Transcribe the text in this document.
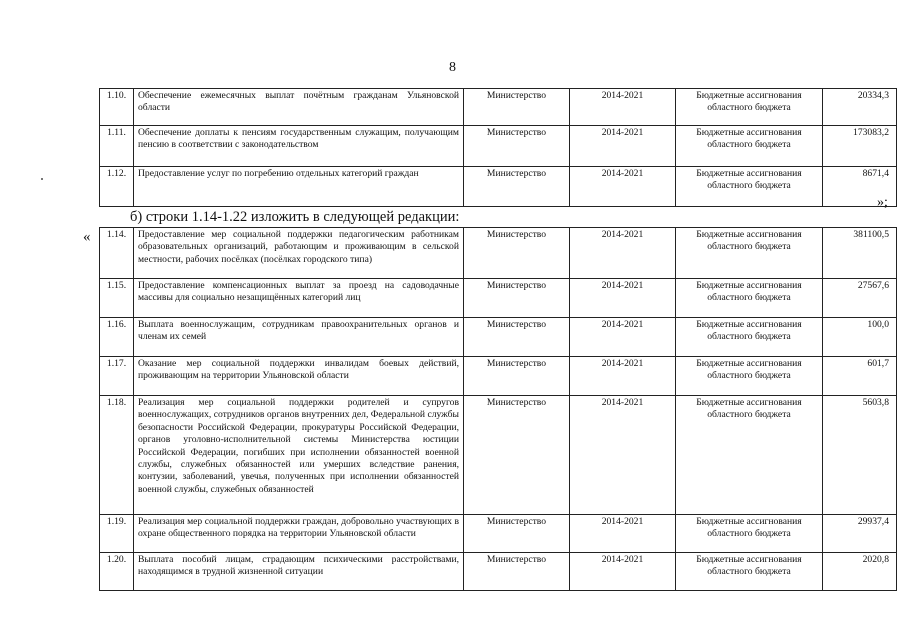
8
1.10.	Обеспечение ежемесячных выплат почётным гражданам Ульяновской области	Министерство	2014-2021	Бюджетные ассигнования областного бюджета	20334,3
1.11.	Обеспечение доплаты к пенсиям государственным служащим, получающим пенсию в соответствии с законодательством	Министерство	2014-2021	Бюджетные ассигнования областного бюджета	173083,2
1.12.	Предоставление услуг по погребению отдельных категорий граждан	Министерство	2014-2021	Бюджетные ассигнования областного бюджета	8671,4
»;
б) строки 1.14-1.22 изложить в следующей редакции:
« 1.14.	Предоставление мер социальной поддержки педагогическим работникам образовательных организаций, работающим и проживающим в сельской местности, рабочих посёлках (посёлках городского типа)	Министерство	2014-2021	Бюджетные ассигнования областного бюджета	381100,5
1.15.	Предоставление компенсационных выплат за проезд на садоводачные массивы для социально незащищённых категорий лиц	Министерство	2014-2021	Бюджетные ассигнования областного бюджета	27567,6
1.16.	Выплата военнослужащим, сотрудникам правоохранительных органов и членам их семей	Министерство	2014-2021	Бюджетные ассигнования областного бюджета	100,0
1.17.	Оказание мер социальной поддержки инвалидам боевых действий, проживающим на территории Ульяновской области	Министерство	2014-2021	Бюджетные ассигнования областного бюджета	601,7
1.18.	Реализация мер социальной поддержки родителей и супругов военнослужащих, сотрудников органов внутренних дел, Федеральной службы безопасности Российской Федерации, прокуратуры Российской Федерации, органов уголовно-исполнительной системы Министерства юстиции Российской Федерации, погибших при исполнении обязанностей военной службы, служебных обязанностей или умерших вследствие ранения, контузии, заболеваний, увечья, полученных при исполнении обязанностей военной службы, служебных обязанностей	Министерство	2014-2021	Бюджетные ассигнования областного бюджета	5603,8
1.19.	Реализация мер социальной поддержки граждан, добровольно участвующих в охране общественного порядка на территории Ульяновской области	Министерство	2014-2021	Бюджетные ассигнования областного бюджета	29937,4
1.20.	Выплата пособий лицам, страдающим психическими расстройствами, находящимся в трудной жизненной ситуации	Министерство	2014-2021	Бюджетные ассигнования областного бюджета	2020,8
